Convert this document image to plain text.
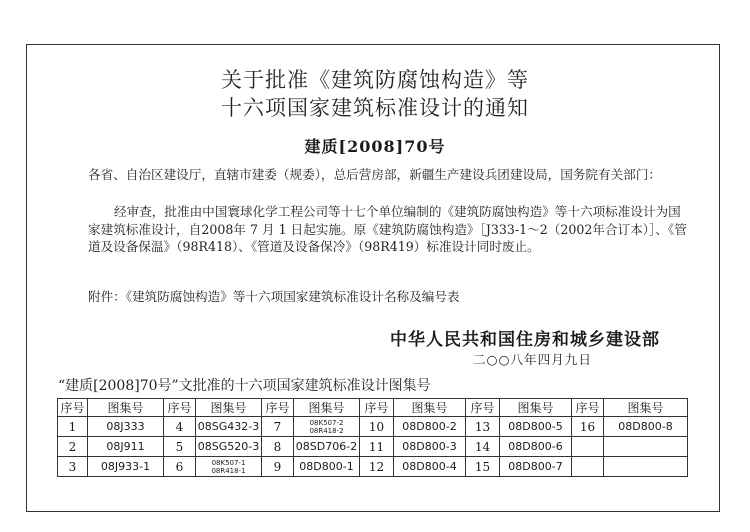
关于批准《建筑防腐蚀构造》等
十六项国家建筑标准设计的通知
建质[2008]70号
各省、自治区建设厅，直辖市建委（规委），总后营房部，新疆生产建设兵团建设局，国务院有关部门：
经审查，批准由中国寰球化学工程公司等十七个单位编制的《建筑防腐蚀构造》等十六项标准设计为国家建筑标准设计，自2008年 7 月 1 日起实施。原《建筑防腐蚀构造》［J333-1～2（2002年合订本）］、《管道及设备保温》（98R418）、《管道及设备保冷》（98R419）标准设计同时废止。
附件：《建筑防腐蚀构造》等十六项国家建筑标准设计名称及编号表
中华人民共和国住房和城乡建设部
二○○八年四月九日
“建质[2008]70号”文批准的十六项国家建筑标准设计图集号
序号	图集号	序号	图集号	序号	图集号	序号	图集号	序号	图集号	序号	图集号
1	08J333	4	08SG432-3	7	08K507-2 08R418-2	10	08D800-2	13	08D800-5	16	08D800-8
2	08J911	5	08SG520-3	8	08SD706-2	11	08D800-3	14	08D800-6		
3	08J933-1	6	08K507-1 08R418-1	9	08D800-1	12	08D800-4	15	08D800-7		
